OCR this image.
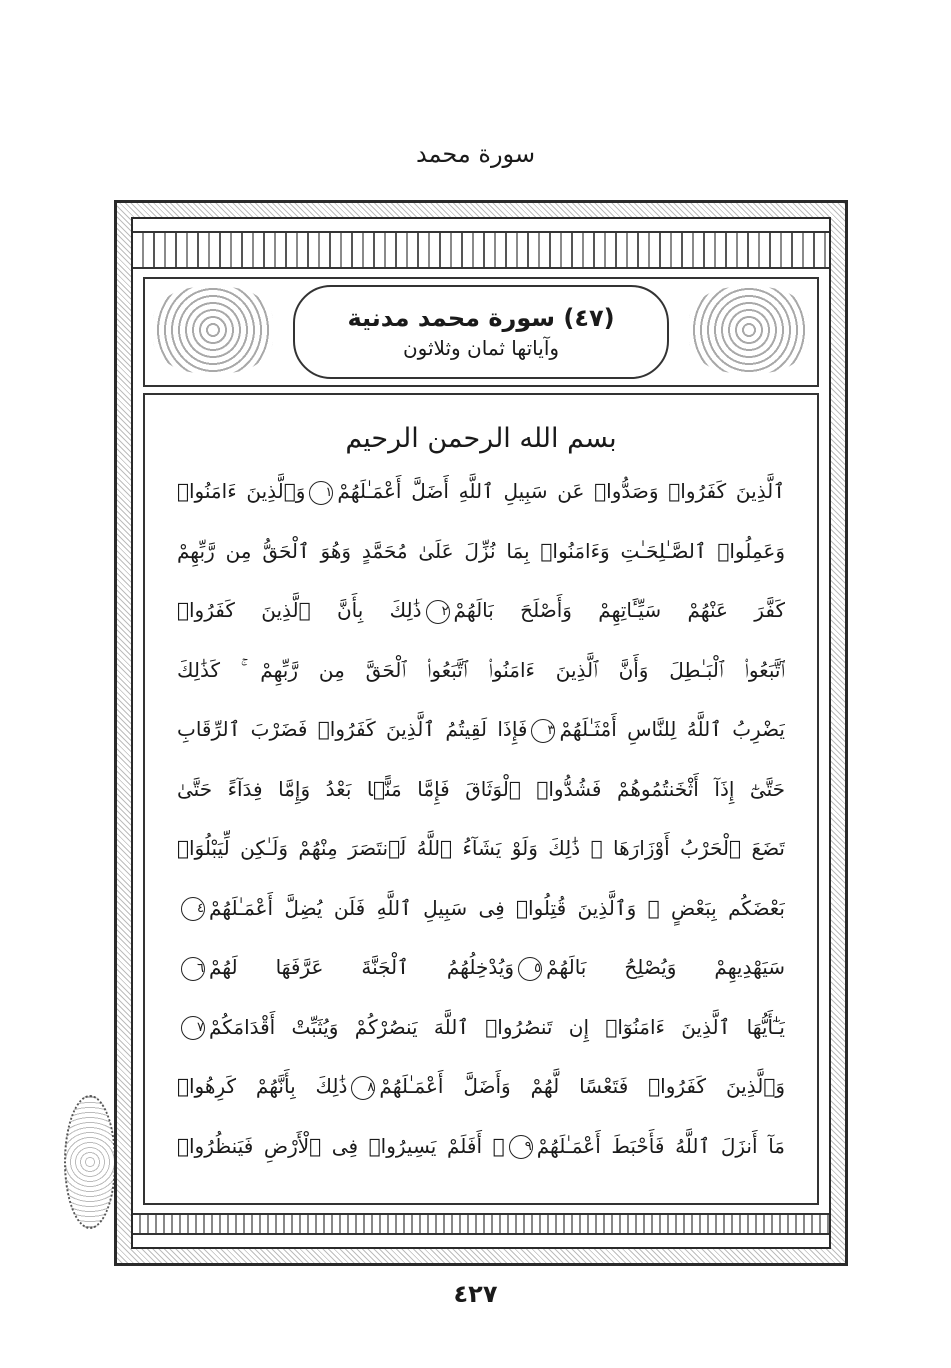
سورة محمد
(٤٧) سورة محمد مدنية
وآياتها ثمان وثلاثون
بسم الله الرحمن الرحيم
ٱلَّذِينَ كَفَرُوا۟ وَصَدُّوا۟ عَن سَبِيلِ ٱللَّهِ أَضَلَّ أَعْمَـٰلَهُمْ١وَٱلَّذِينَ ءَامَنُوا۟
وَعَمِلُوا۟ ٱلصَّـٰلِحَـٰتِ وَءَامَنُوا۟ بِمَا نُزِّلَ عَلَىٰ مُحَمَّدٍ وَهُوَ ٱلْحَقُّ مِن رَّبِّهِمْ
كَفَّرَ عَنْهُمْ سَيِّـَٔاتِهِمْ وَأَصْلَحَ بَالَهُمْ٢ذَٰلِكَ بِأَنَّ ٱلَّذِينَ كَفَرُوا۟
ٱتَّبَعُوا۟ ٱلْبَـٰطِلَ وَأَنَّ ٱلَّذِينَ ءَامَنُوا۟ ٱتَّبَعُوا۟ ٱلْحَقَّ مِن رَّبِّهِمْ ۚ كَذَٰلِكَ
يَضْرِبُ ٱللَّهُ لِلنَّاسِ أَمْثَـٰلَهُمْ٣فَإِذَا لَقِيتُمُ ٱلَّذِينَ كَفَرُوا۟ فَضَرْبَ ٱلرِّقَابِ
حَتَّىٰٓ إِذَآ أَثْخَنتُمُوهُمْ فَشُدُّوا۟ ٱلْوَثَاقَ فَإِمَّا مَنًّۢا بَعْدُ وَإِمَّا فِدَآءً حَتَّىٰ
تَضَعَ ٱلْحَرْبُ أَوْزَارَهَا ۚ ذَٰلِكَ وَلَوْ يَشَآءُ ٱللَّهُ لَٱنتَصَرَ مِنْهُمْ وَلَـٰكِن لِّيَبْلُوَا۟
بَعْضَكُم بِبَعْضٍ ۗ وَٱلَّذِينَ قُتِلُوا۟ فِى سَبِيلِ ٱللَّهِ فَلَن يُضِلَّ أَعْمَـٰلَهُمْ٤
سَيَهْدِيهِمْ وَيُصْلِحُ بَالَهُمْ٥وَيُدْخِلُهُمُ ٱلْجَنَّةَ عَرَّفَهَا لَهُمْ٦
يَـٰٓأَيُّهَا ٱلَّذِينَ ءَامَنُوٓا۟ إِن تَنصُرُوا۟ ٱللَّهَ يَنصُرْكُمْ وَيُثَبِّتْ أَقْدَامَكُمْ٧
وَٱلَّذِينَ كَفَرُوا۟ فَتَعْسًا لَّهُمْ وَأَضَلَّ أَعْمَـٰلَهُمْ٨ذَٰلِكَ بِأَنَّهُمْ كَرِهُوا۟
مَآ أَنزَلَ ٱللَّهُ فَأَحْبَطَ أَعْمَـٰلَهُمْ٩۞ أَفَلَمْ يَسِيرُوا۟ فِى ٱلْأَرْضِ فَيَنظُرُوا۟
٤٢٧
